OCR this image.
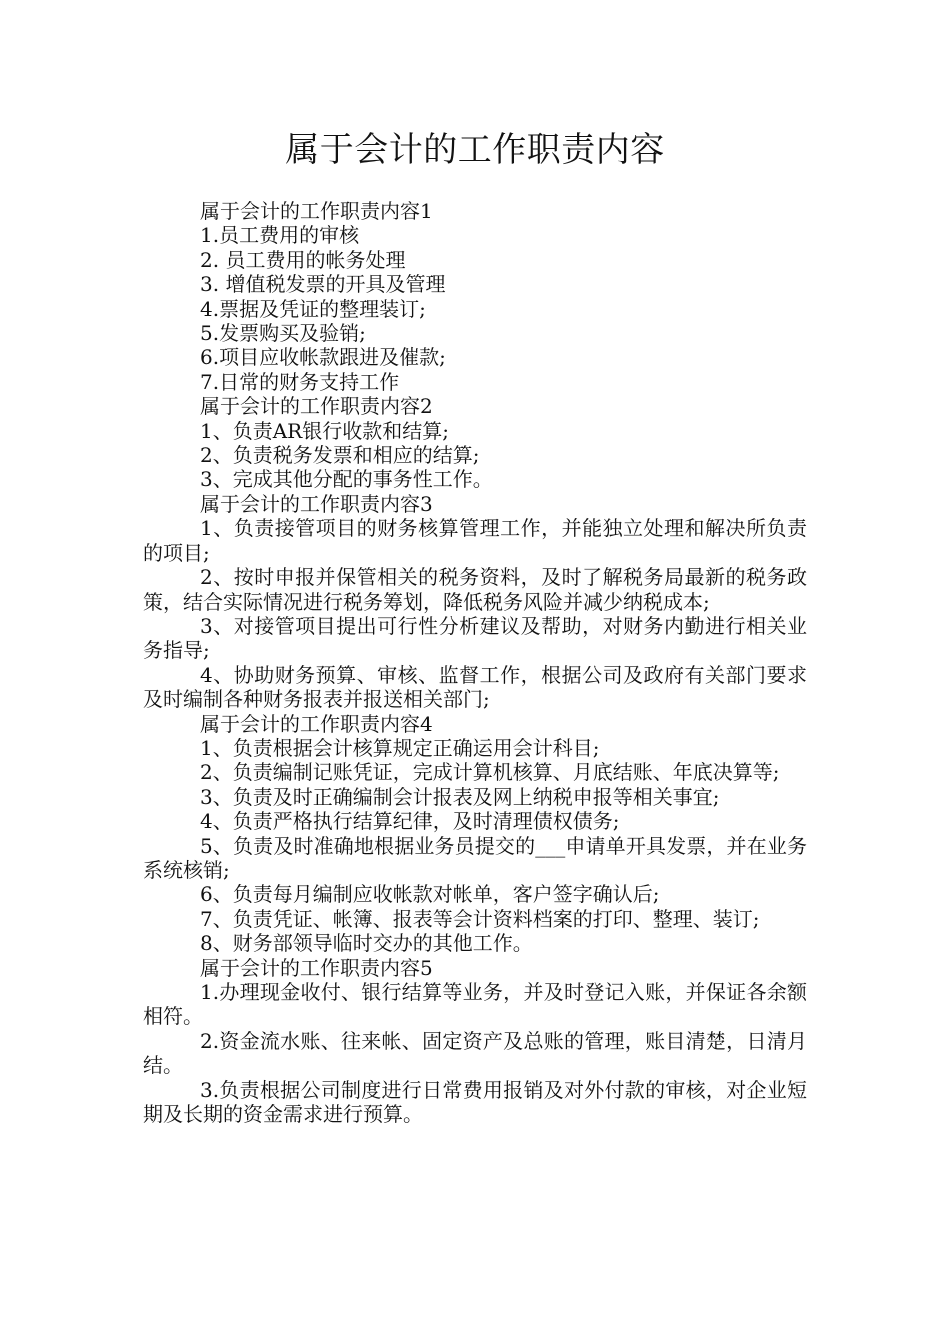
属于会计的工作职责内容

属于会计的工作职责内容1

1.员工费用的审核

2. 员工费用的帐务处理

3. 增值税发票的开具及管理

4.票据及凭证的整理装订;

5.发票购买及验销;

6.项目应收帐款跟进及催款;

7.日常的财务支持工作

属于会计的工作职责内容2

1、负责AR银行收款和结算;

2、负责税务发票和相应的结算;

3、完成其他分配的事务性工作。

属于会计的工作职责内容3

1、负责接管项目的财务核算管理工作，并能独立处理和解决所负责的项目;

2、按时申报并保管相关的税务资料，及时了解税务局最新的税务政策，结合实际情况进行税务筹划，降低税务风险并减少纳税成本;

3、对接管项目提出可行性分析建议及帮助，对财务内勤进行相关业务指导;

4、协助财务预算、审核、监督工作，根据公司及政府有关部门要求及时编制各种财务报表并报送相关部门;

属于会计的工作职责内容4

1、负责根据会计核算规定正确运用会计科目;

2、负责编制记账凭证，完成计算机核算、月底结账、年底决算等;

3、负责及时正确编制会计报表及网上纳税申报等相关事宜;

4、负责严格执行结算纪律，及时清理债权债务;

5、负责及时准确地根据业务员提交的___申请单开具发票，并在业务系统核销;

6、负责每月编制应收帐款对帐单，客户签字确认后;

7、负责凭证、帐簿、报表等会计资料档案的打印、整理、装订;

8、财务部领导临时交办的其他工作。

属于会计的工作职责内容5

1.办理现金收付、银行结算等业务，并及时登记入账，并保证各余额相符。

2.资金流水账、往来帐、固定资产及总账的管理，账目清楚，日清月结。

3.负责根据公司制度进行日常费用报销及对外付款的审核，对企业短期及长期的资金需求进行预算。
